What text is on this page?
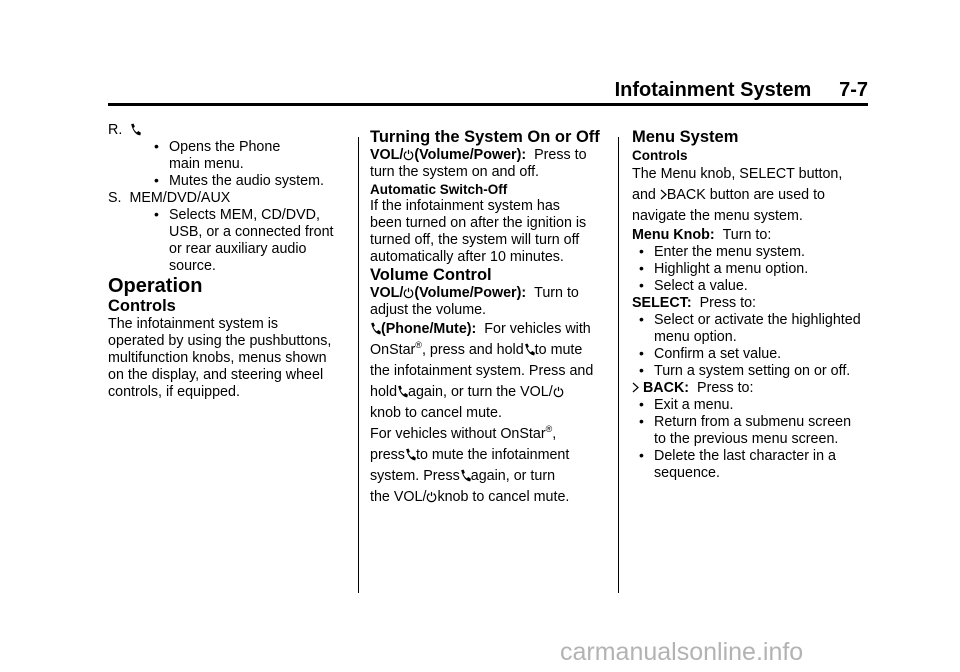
Infotainment System 7-7

R.

• Opens the Phone
main menu.

• Mutes the audio system.

S.  MEM/DVD/AUX

• Selects MEM, CD/DVD,
USB, or a connected front
or rear auxiliary audio
source.

Operation

Controls

The infotainment system is
operated by using the pushbuttons,
multifunction knobs, menus shown
on the display, and steering wheel
controls, if equipped.

Turning the System On or Off

VOL/ (Volume/Power): Press to
turn the system on and off.

Automatic Switch-Off

If the infotainment system has
been turned on after the ignition is
turned off, the system will turn off
automatically after 10 minutes.

Volume Control

VOL/ (Volume/Power): Turn to
adjust the volume.

(Phone/Mute): For vehicles with
OnStar®, press and hold to mute
the infotainment system. Press and
hold again, or turn the VOL/
knob to cancel mute.

For vehicles without OnStar®,
press to mute the infotainment
system. Press again, or turn
the VOL/ knob to cancel mute.

Menu System

Controls

The Menu knob, SELECT button,
and BACK button are used to
navigate the menu system.

Menu Knob: Turn to:

• Enter the menu system.

• Highlight a menu option.

• Select a value.

SELECT: Press to:

• Select or activate the highlighted
menu option.

• Confirm a set value.

• Turn a system setting on or off.

BACK: Press to:

• Exit a menu.

• Return from a submenu screen
to the previous menu screen.

• Delete the last character in a
sequence.

carmanualsonline.info
